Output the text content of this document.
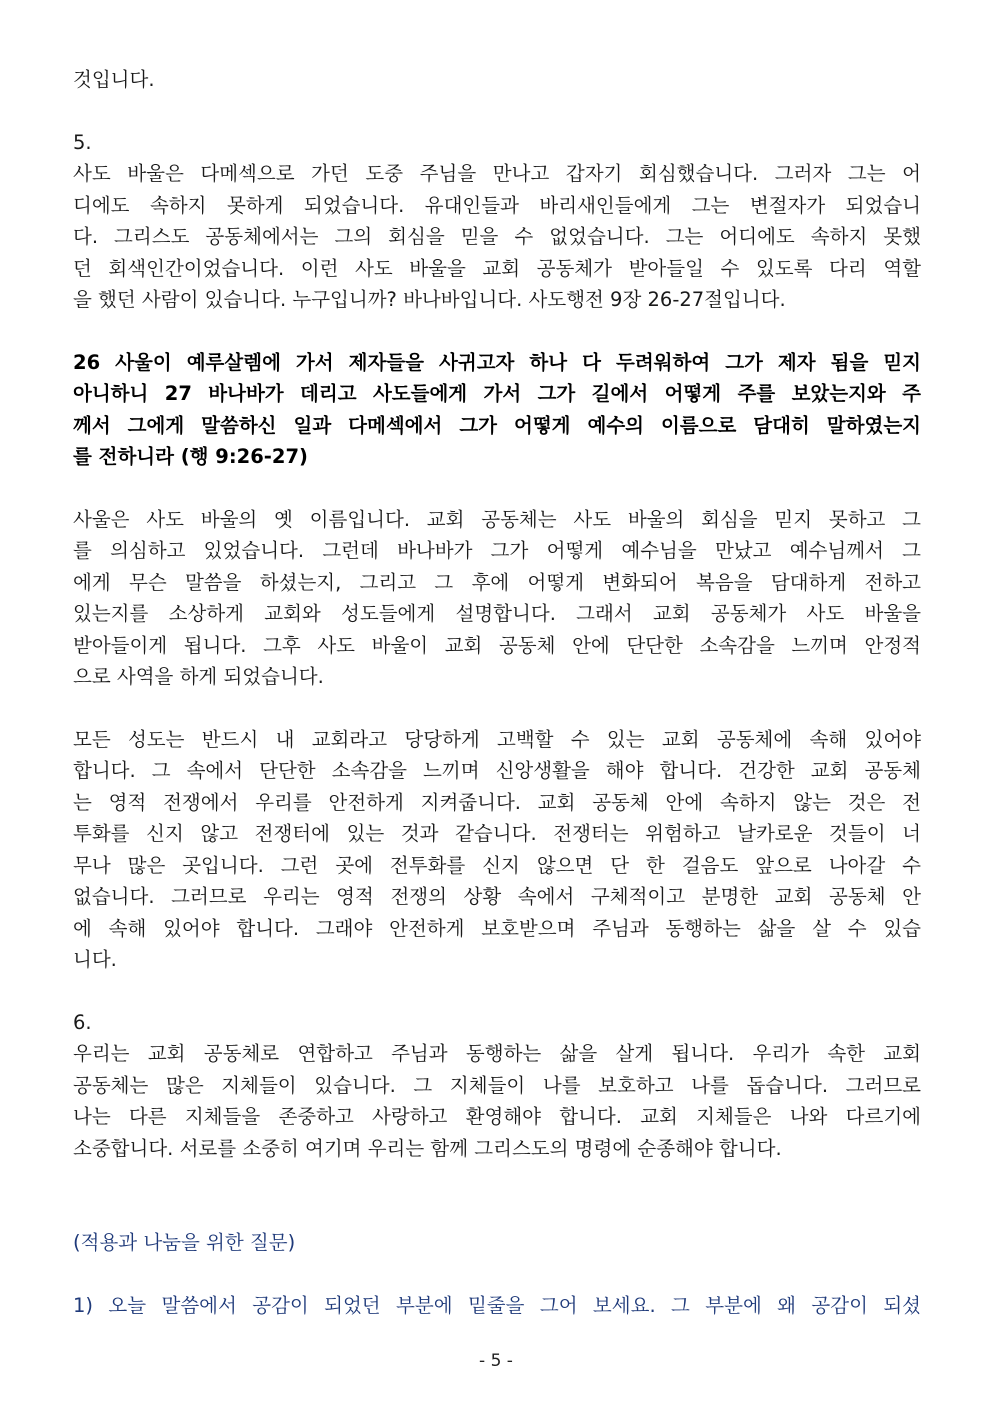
것입니다.
5.
사도 바울은 다메섹으로 가던 도중 주님을 만나고 갑자기 회심했습니다. 그러자 그는 어
디에도 속하지 못하게 되었습니다. 유대인들과 바리새인들에게 그는 변절자가 되었습니
다. 그리스도 공동체에서는 그의 회심을 믿을 수 없었습니다. 그는 어디에도 속하지 못했
던 회색인간이었습니다. 이런 사도 바울을 교회 공동체가 받아들일 수 있도록 다리 역할
을 했던 사람이 있습니다. 누구입니까? 바나바입니다. 사도행전 9장 26-27절입니다.
26 사울이 예루살렘에 가서 제자들을 사귀고자 하나 다 두려워하여 그가 제자 됨을 믿지
아니하니 27 바나바가 데리고 사도들에게 가서 그가 길에서 어떻게 주를 보았는지와 주
께서 그에게 말씀하신 일과 다메섹에서 그가 어떻게 예수의 이름으로 담대히 말하였는지
를 전하니라 (행 9:26-27)
사울은 사도 바울의 옛 이름입니다. 교회 공동체는 사도 바울의 회심을 믿지 못하고 그
를 의심하고 있었습니다. 그런데 바나바가 그가 어떻게 예수님을 만났고 예수님께서 그
에게 무슨 말씀을 하셨는지, 그리고 그 후에 어떻게 변화되어 복음을 담대하게 전하고
있는지를 소상하게 교회와 성도들에게 설명합니다. 그래서 교회 공동체가 사도 바울을
받아들이게 됩니다. 그후 사도 바울이 교회 공동체 안에 단단한 소속감을 느끼며 안정적
으로 사역을 하게 되었습니다.
모든 성도는 반드시 내 교회라고 당당하게 고백할 수 있는 교회 공동체에 속해 있어야
합니다. 그 속에서 단단한 소속감을 느끼며 신앙생활을 해야 합니다. 건강한 교회 공동체
는 영적 전쟁에서 우리를 안전하게 지켜줍니다. 교회 공동체 안에 속하지 않는 것은 전
투화를 신지 않고 전쟁터에 있는 것과 같습니다. 전쟁터는 위험하고 날카로운 것들이 너
무나 많은 곳입니다. 그런 곳에 전투화를 신지 않으면 단 한 걸음도 앞으로 나아갈 수
없습니다. 그러므로 우리는 영적 전쟁의 상황 속에서 구체적이고 분명한 교회 공동체 안
에 속해 있어야 합니다. 그래야 안전하게 보호받으며 주님과 동행하는 삶을 살 수 있습
니다.
6.
우리는 교회 공동체로 연합하고 주님과 동행하는 삶을 살게 됩니다. 우리가 속한 교회
공동체는 많은 지체들이 있습니다. 그 지체들이 나를 보호하고 나를 돕습니다. 그러므로
나는 다른 지체들을 존중하고 사랑하고 환영해야 합니다. 교회 지체들은 나와 다르기에
소중합니다. 서로를 소중히 여기며 우리는 함께 그리스도의 명령에 순종해야 합니다.
(적용과 나눔을 위한 질문)
1) 오늘 말씀에서 공감이 되었던 부분에 밑줄을 그어 보세요. 그 부분에 왜 공감이 되셨
- 5 -
